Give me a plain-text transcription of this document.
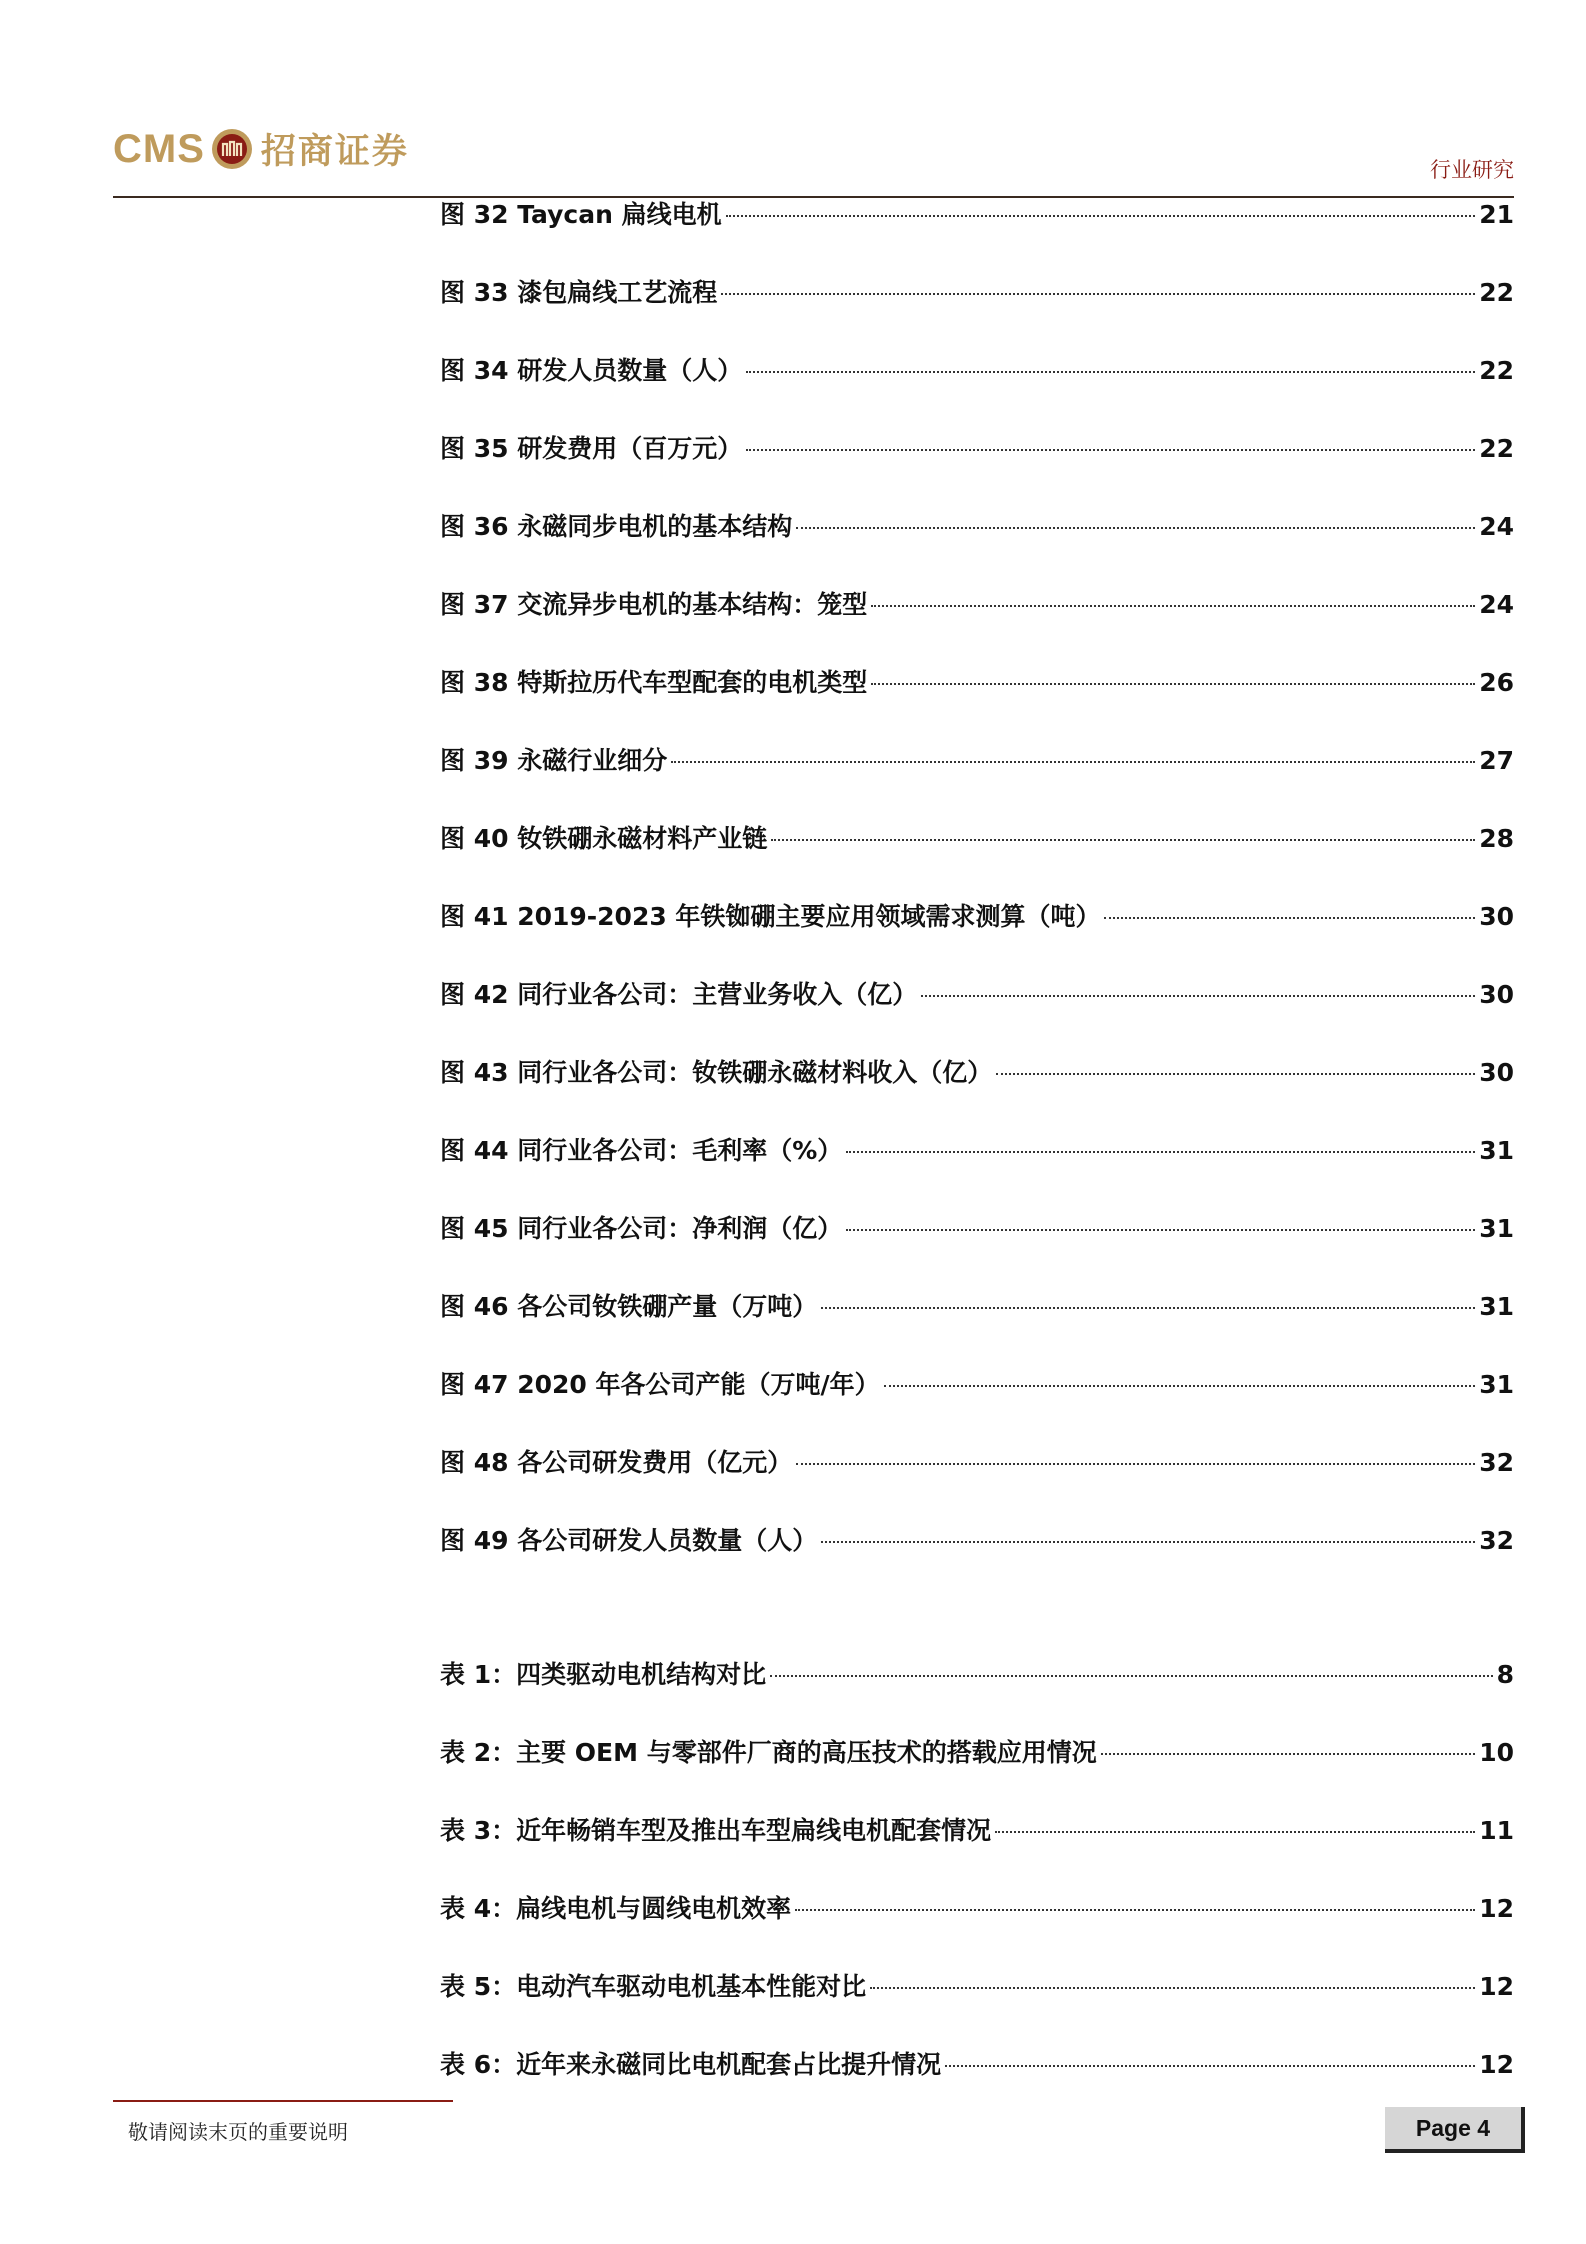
CMS 招商证券	行业研究
图 32 Taycan 扁线电机	21
图 33 漆包扁线工艺流程	22
图 34 研发人员数量（人）	22
图 35 研发费用（百万元）	22
图 36 永磁同步电机的基本结构	24
图 37 交流异步电机的基本结构：笼型	24
图 38 特斯拉历代车型配套的电机类型	26
图 39 永磁行业细分	27
图 40 钕铁硼永磁材料产业链	28
图 41 2019-2023 年铁铷硼主要应用领域需求测算（吨）	30
图 42 同行业各公司：主营业务收入（亿）	30
图 43 同行业各公司：钕铁硼永磁材料收入（亿）	30
图 44 同行业各公司：毛利率（%）	31
图 45 同行业各公司：净利润（亿）	31
图 46 各公司钕铁硼产量（万吨）	31
图 47 2020 年各公司产能（万吨/年）	31
图 48 各公司研发费用（亿元）	32
图 49 各公司研发人员数量（人）	32
表 1：四类驱动电机结构对比	8
表 2：主要 OEM 与零部件厂商的高压技术的搭载应用情况	10
表 3：近年畅销车型及推出车型扁线电机配套情况	11
表 4：扁线电机与圆线电机效率	12
表 5：电动汽车驱动电机基本性能对比	12
表 6：近年来永磁同比电机配套占比提升情况	12
敬请阅读末页的重要说明	Page 4
